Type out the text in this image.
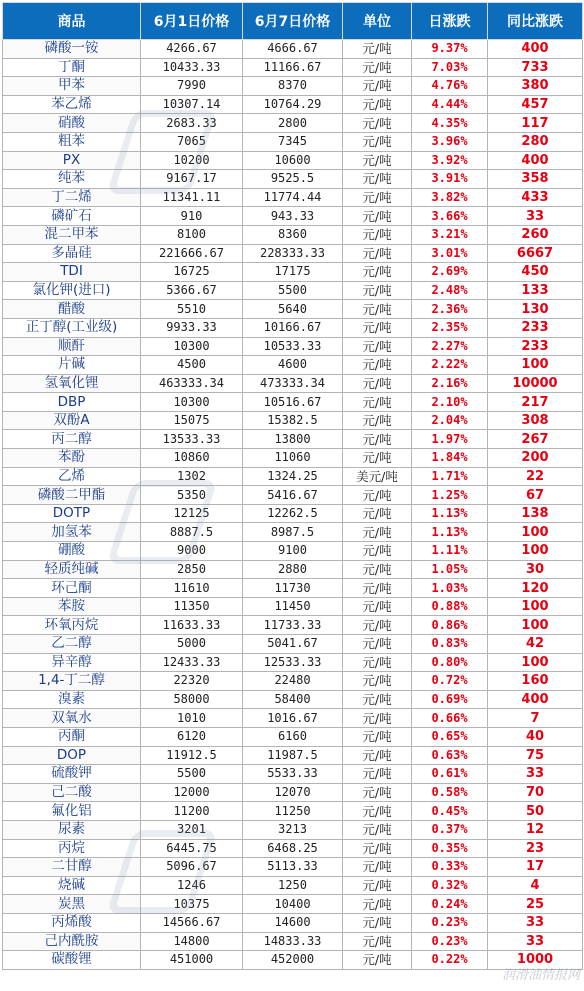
商品	6月1日价格	6月7日价格	单位	日涨跌	同比涨跌
磷酸一铵	4266.67	4666.67	元/吨	9.37%	400
丁酮	10433.33	11166.67	元/吨	7.03%	733
甲苯	7990	8370	元/吨	4.76%	380
苯乙烯	10307.14	10764.29	元/吨	4.44%	457
硝酸	2683.33	2800	元/吨	4.35%	117
粗苯	7065	7345	元/吨	3.96%	280
PX	10200	10600	元/吨	3.92%	400
纯苯	9167.17	9525.5	元/吨	3.91%	358
丁二烯	11341.11	11774.44	元/吨	3.82%	433
磷矿石	910	943.33	元/吨	3.66%	33
混二甲苯	8100	8360	元/吨	3.21%	260
多晶硅	221666.67	228333.33	元/吨	3.01%	6667
TDI	16725	17175	元/吨	2.69%	450
氯化钾(进口)	5366.67	5500	元/吨	2.48%	133
醋酸	5510	5640	元/吨	2.36%	130
正丁醇(工业级)	9933.33	10166.67	元/吨	2.35%	233
顺酐	10300	10533.33	元/吨	2.27%	233
片碱	4500	4600	元/吨	2.22%	100
氢氧化锂	463333.34	473333.34	元/吨	2.16%	10000
DBP	10300	10516.67	元/吨	2.10%	217
双酚A	15075	15382.5	元/吨	2.04%	308
丙二醇	13533.33	13800	元/吨	1.97%	267
苯酚	10860	11060	元/吨	1.84%	200
乙烯	1302	1324.25	美元/吨	1.71%	22
磷酸二甲酯	5350	5416.67	元/吨	1.25%	67
DOTP	12125	12262.5	元/吨	1.13%	138
加氢苯	8887.5	8987.5	元/吨	1.13%	100
硼酸	9000	9100	元/吨	1.11%	100
轻质纯碱	2850	2880	元/吨	1.05%	30
环己酮	11610	11730	元/吨	1.03%	120
苯胺	11350	11450	元/吨	0.88%	100
环氧丙烷	11633.33	11733.33	元/吨	0.86%	100
乙二醇	5000	5041.67	元/吨	0.83%	42
异辛醇	12433.33	12533.33	元/吨	0.80%	100
1,4-丁二醇	22320	22480	元/吨	0.72%	160
溴素	58000	58400	元/吨	0.69%	400
双氧水	1010	1016.67	元/吨	0.66%	7
丙酮	6120	6160	元/吨	0.65%	40
DOP	11912.5	11987.5	元/吨	0.63%	75
硫酸钾	5500	5533.33	元/吨	0.61%	33
己二酸	12000	12070	元/吨	0.58%	70
氟化铝	11200	11250	元/吨	0.45%	50
尿素	3201	3213	元/吨	0.37%	12
丙烷	6445.75	6468.25	元/吨	0.35%	23
二甘醇	5096.67	5113.33	元/吨	0.33%	17
烧碱	1246	1250	元/吨	0.32%	4
炭黑	10375	10400	元/吨	0.24%	25
丙烯酸	14566.67	14600	元/吨	0.23%	33
己内酰胺	14800	14833.33	元/吨	0.23%	33
碳酸锂	451000	452000	元/吨	0.22%	1000
润滑油情报网
